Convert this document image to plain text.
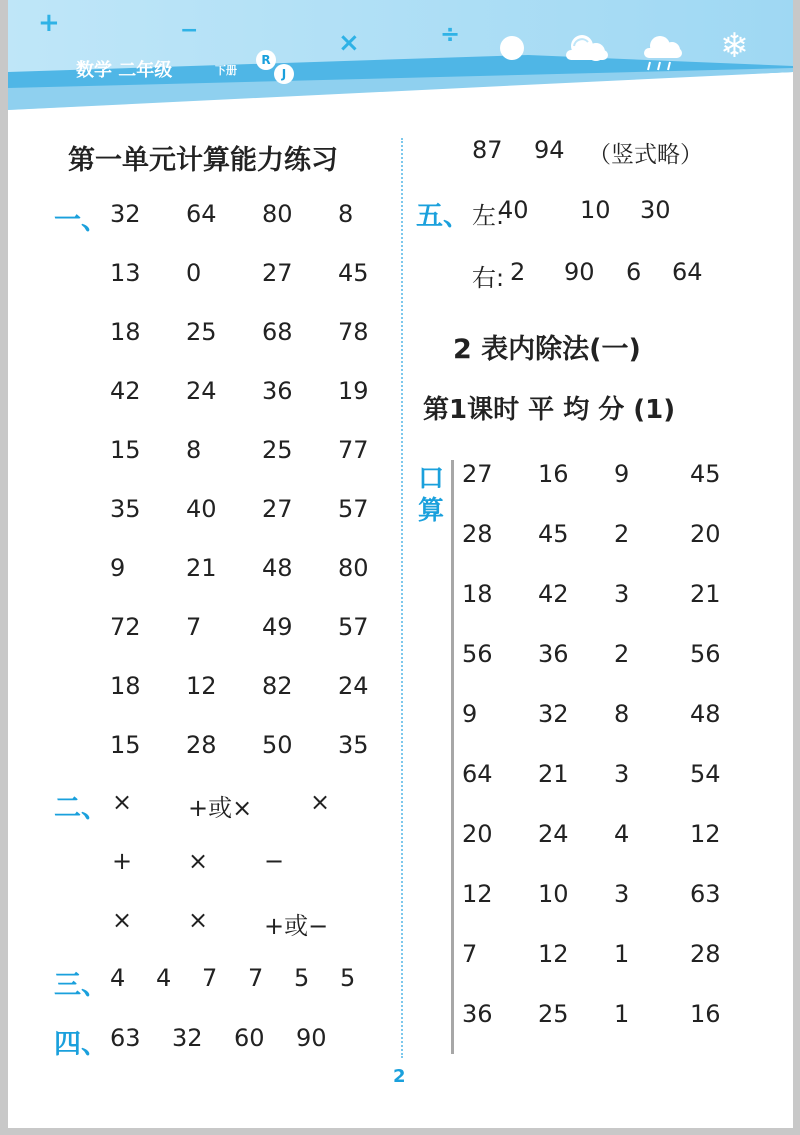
+	−	×	÷	❄
数学 二年级	下册
R
J
第一单元计算能力练习
一、 32 64 80 8
13 0	27 45
18 25 68 78
42 24 36 19
15 8	25 77
35 40 27 57
9	21 48 80
72 7	49 57
18 12 82 24
15 28 50 35
二、 × +或× ×
+ × −
× × +或−
三、 4 4 7 7 5 5
四、 63 32 60 90
87 94 （竖式略）
五、 左:
40 10 30
右: 2 90 6 64
2 表内除法(一)
第1课时 平 均 分 (1)
口
算
27 16 9	45
28 45 2	20
18 42 3	21
56 36 2	56
9	32 8	48
64 21 3	54
20 24 4	12
12 10 3	63
7	12 1	28
36 25 1	16
2
